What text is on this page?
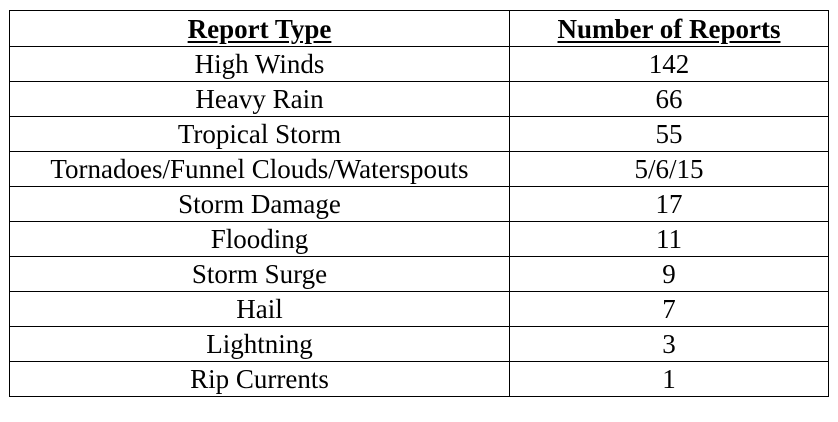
Report Type	Number of Reports
High Winds	142
Heavy Rain	66
Tropical Storm	55
Tornadoes/Funnel Clouds/Waterspouts	5/6/15
Storm Damage	17
Flooding	11
Storm Surge	9
Hail	7
Lightning	3
Rip Currents	1
